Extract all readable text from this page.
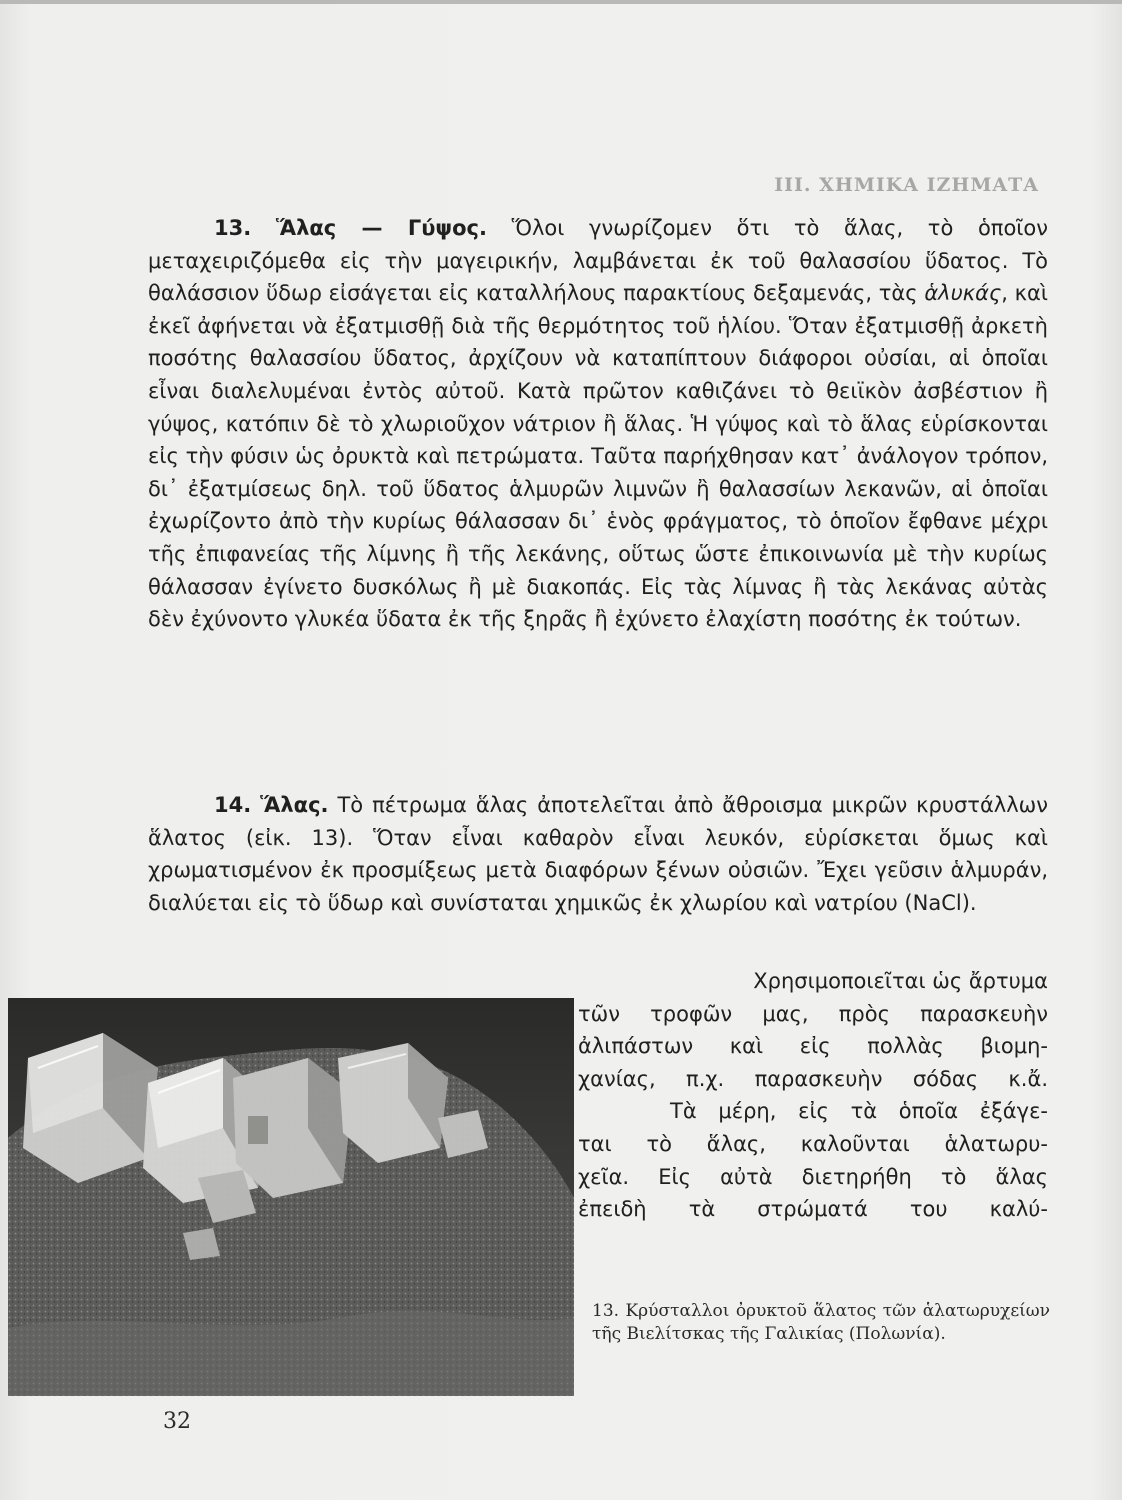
III. ΧΗΜΙΚΑ ΙΖΗΜΑΤΑ

13. Ἅλας — Γύψος. Ὅλοι γνωρίζομεν ὅτι τὸ ἅλας, τὸ ὁποῖον μεταχειριζόμεθα εἰς τὴν μαγειρικήν, λαμβάνεται ἐκ τοῦ θαλασσίου ὕδατος. Τὸ θαλάσσιον ὕδωρ εἰσάγεται εἰς καταλλήλους παρακτίους δεξαμενάς, τὰς ἁλυκάς, καὶ ἐκεῖ ἀφήνεται νὰ ἐξατμισθῇ διὰ τῆς θερμότητος τοῦ ἡλίου. Ὅταν ἐξατμισθῇ ἀρκετὴ ποσότης θαλασσίου ὕδατος, ἀρχίζουν νὰ καταπίπτουν διάφοροι οὐσίαι, αἱ ὁποῖαι εἶναι διαλελυμέναι ἐντὸς αὐτοῦ. Κατὰ πρῶτον καθιζάνει τὸ θειϊκὸν ἀσβέστιον ἢ γύψος, κατόπιν δὲ τὸ χλωριοῦχον νάτριον ἢ ἅλας. Ἡ γύψος καὶ τὸ ἅλας εὑρίσκονται εἰς τὴν φύσιν ὡς ὀρυκτὰ καὶ πετρώματα. Ταῦτα παρήχθησαν κατ᾽ ἀνάλογον τρόπον, δι᾽ ἐξατμίσεως δηλ. τοῦ ὕδατος ἁλμυρῶν λιμνῶν ἢ θαλασσίων λεκανῶν, αἱ ὁποῖαι ἐχωρίζοντο ἀπὸ τὴν κυρίως θάλασσαν δι᾽ ἑνὸς φράγματος, τὸ ὁποῖον ἔφθανε μέχρι τῆς ἐπιφανείας τῆς λίμνης ἢ τῆς λεκάνης, οὕτως ὥστε ἐπικοινωνία μὲ τὴν κυρίως θάλασσαν ἐγίνετο δυσκόλως ἢ μὲ διακοπάς. Εἰς τὰς λίμνας ἢ τὰς λεκάνας αὐτὰς δὲν ἐχύνοντο γλυκέα ὕδατα ἐκ τῆς ξηρᾶς ἢ ἐχύνετο ἐλαχίστη ποσότης ἐκ τούτων.

14. Ἅλας. Τὸ πέτρωμα ἅλας ἀποτελεῖται ἀπὸ ἄθροισμα μικρῶν κρυστάλλων ἅλατος (εἰκ. 13). Ὅταν εἶναι καθαρὸν εἶναι λευκόν, εὑρίσκεται ὅμως καὶ χρωματισμένον ἐκ προσμίξεως μετὰ διαφόρων ξένων οὐσιῶν. Ἔχει γεῦσιν ἁλμυράν, διαλύεται εἰς τὸ ὕδωρ καὶ συνίσταται χημικῶς ἐκ χλωρίου καὶ νατρίου (NaCl).

Χρησιμοποιεῖται ὡς ἄρτυμα
τῶν τροφῶν μας, πρὸς παρασκευὴν
ἀλιπάστων καὶ εἰς πολλὰς βιομη-
χανίας, π.χ. παρασκευὴν σόδας κ.ἄ.
Τὰ μέρη, εἰς τὰ ὁποῖα ἐξάγε-
ται τὸ ἅλας, καλοῦνται ἁλατωρυ-
χεῖα. Εἰς αὐτὰ διετηρήθη τὸ ἅλας
ἐπειδὴ τὰ στρώματά του καλύ-

13. Κρύσταλλοι ὀρυκτοῦ ἅλατος τῶν ἁλατωρυχείων τῆς Βιελίτσκας τῆς Γαλικίας (Πολωνία).

32
